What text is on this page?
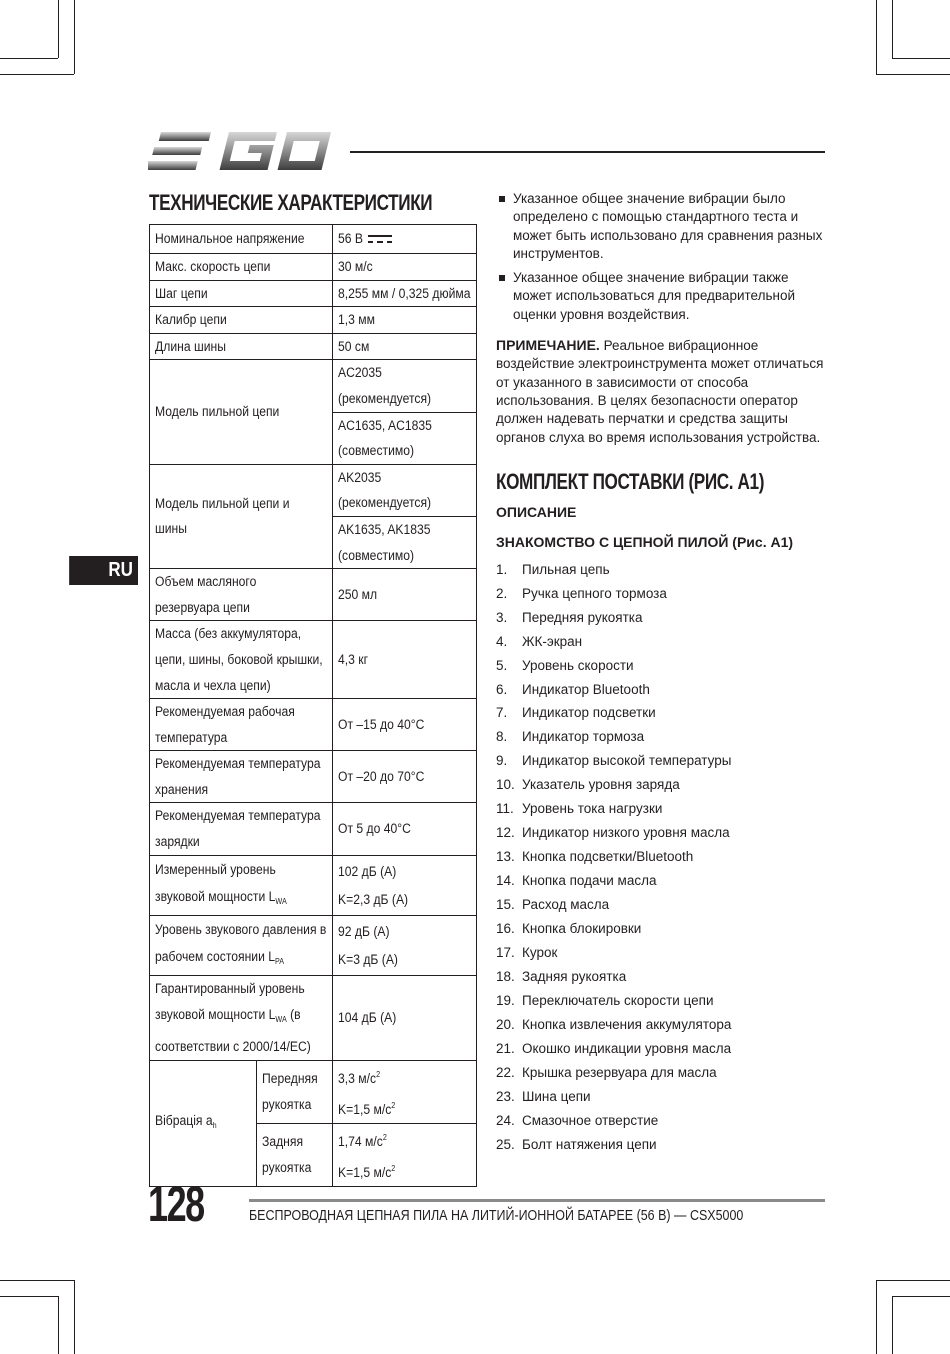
RU
ТЕХНИЧЕСКИЕ ХАРАКТЕРИСТИКИ
Номинальное напряжение		56 В
Макс. скорость цепи		30 м/с
Шаг цепи		8,255 мм / 0,325 дюйма

Калибр цепи		1,3 мм
Длина шины		50 см
Модель пильной цепи		AC2035 (рекомендуется)

		AC1635, AC1835 (совместимо)

Модель пильной цепи и шины		AK2035 (рекомендуется)

		AK1635, AK1835 (совместимо)

Объем масляного резервуара цепи		250 мл

Масса (без аккумулятора, цепи, шины, боковой крышки, масла и чехла цепи)		4,3 кг

Рекомендуемая рабочая температура		От –15 до 40°C

Рекомендуемая температура хранения		От –20 до 70°C

Рекомендуемая температура зарядки		От 5 до 40°C

Измеренный уровень звуковой мощности $L_{WA}$		102 дБ (A)
K=2,3 дБ (A)

Уровень звукового давления в рабочем состоянии $L_{PA}$		92 дБ (A)
K=3 дБ (A)

Гарантированный уровень звуковой мощности $L_{WA}$ (в соответствии с 2000/14/EC)		104 дБ (A)
Вібрація $a_h$	Передняя рукоятка	3,3 $м/с^2$
K=1,5 $м/с^2$

	Задняя рукоятка	1,74 $м/с^2$
K=1,5 $м/с^2$
Указанное общее значение вибрации было определено с помощью стандартного теста и может быть использовано для сравнения разных инструментов.
Указанное общее значение вибрации также может использоваться для предварительной оценки уровня воздействия.
ПРИМЕЧАНИЕ. Реальное вибрационное воздействие электроинструмента может отличаться от указанного в зависимости от способа использования. В целях безопасности оператор должен надевать перчатки и средства защиты органов слуха во время использования устройства.
КОМПЛЕКТ ПОСТАВКИ (РИС. A1)
ОПИСАНИЕ
ЗНАКОМСТВО С ЦЕПНОЙ ПИЛОЙ (Рис. A1)
1.	Пильная цепь
2.	Ручка цепного тормоза
3.	Передняя рукоятка
4.	ЖК-экран
5.	Уровень скорости
6.	Индикатор Bluetooth
7.	Индикатор подсветки
8.	Индикатор тормоза
9.	Индикатор высокой температуры
10. Указатель уровня заряда
11. Уровень тока нагрузки
12. Индикатор низкого уровня масла
13. Кнопка подсветки/Bluetooth
14. Кнопка подачи масла
15. Расход масла
16. Кнопка блокировки
17. Курок
18. Задняя рукоятка
19. Переключатель скорости цепи
20. Кнопка извлечения аккумулятора
21. Окошко индикации уровня масла
22. Крышка резервуара для масла
23. Шина цепи
24. Смазочное отверстие
25. Болт натяжения цепи
128	БЕСПРОВОДНАЯ ЦЕПНАЯ ПИЛА НА ЛИТИЙ-ИОННОЙ БАТАРЕЕ (56 В) — CSX5000
